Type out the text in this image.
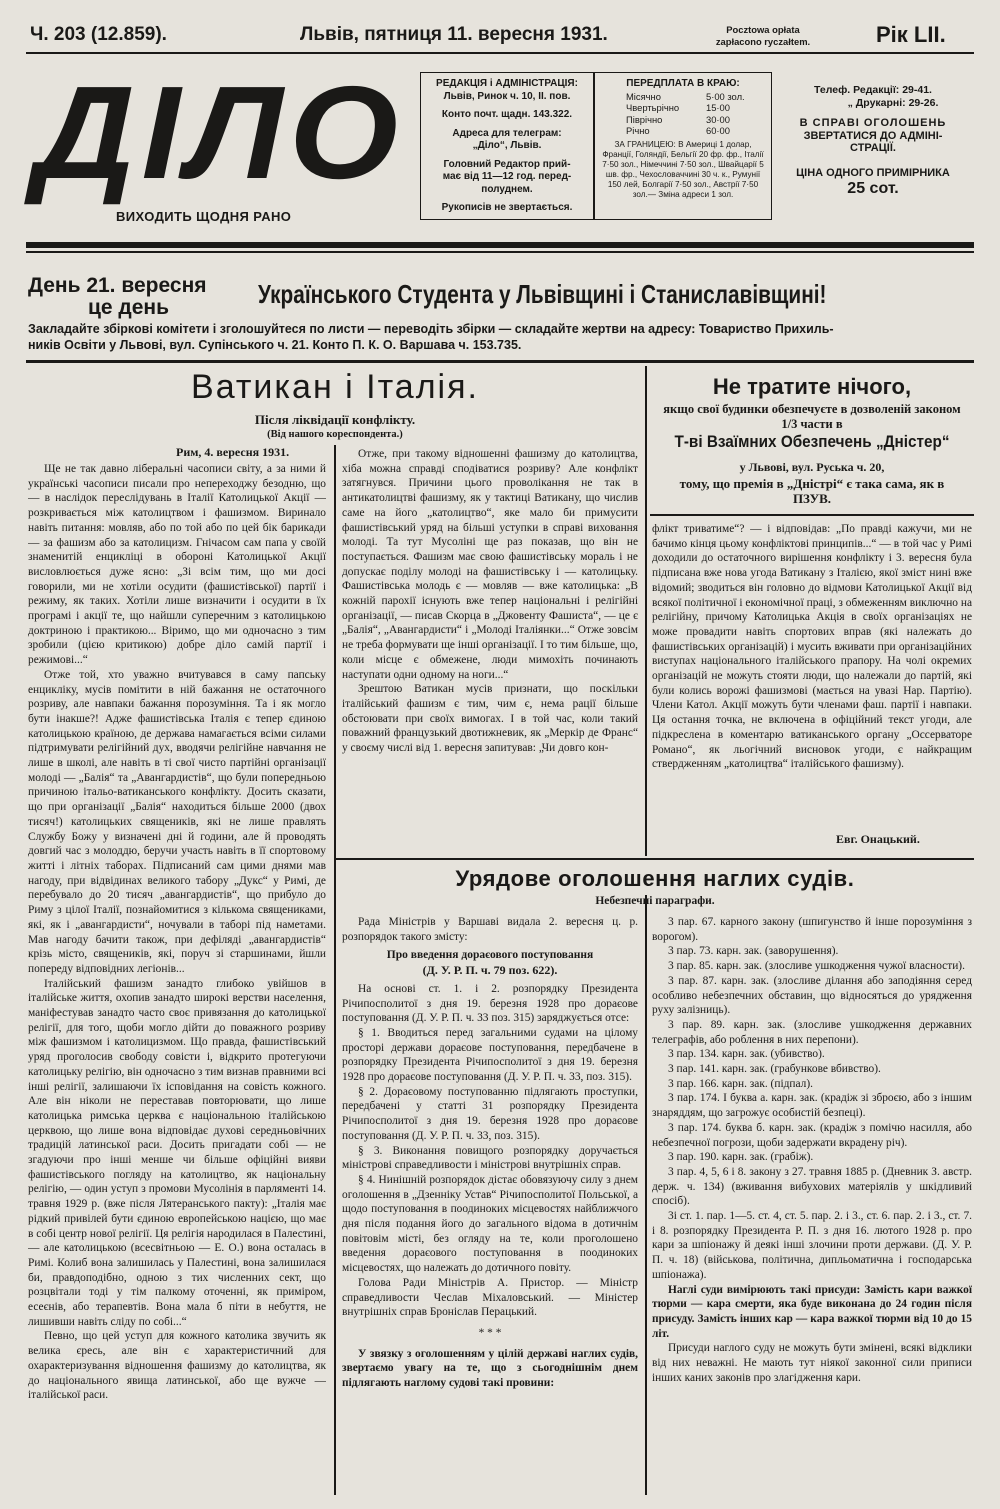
Ч. 203 (12.859).	Львів, пятниця 11. вересня 1931.	Pocztowa opłata
zapłacono ryczałtem.	Рік LII.
ДІЛО
ВИХОДИТЬ ЩОДНЯ РАНО
РЕДАКЦІЯ і АДМІНІСТРАЦІЯ:
Львів, Ринок ч. 10, II. пов.
Конто почт. щадн. 143.322.
Адреса для телеграм:
„Діло“, Львів.
Головний Редактор прий-
має від 11—12 год. перед-
полуднем.
Рукописів не звертається.
ПЕРЕДПЛАТА В КРАЮ:
Місячно	5·00 зол.
Чвертьрічно	15·00
Піврічно	30·00
Річно	60·00
ЗА ГРАНИЦЕЮ: В Америці 1 долар, Франції, Голяндії, Бельгії 20 фр. фр., Італії 7·50 зол., Німеччині 7·50 зол., Швайцарії 5 шв. фр., Чехословаччині 30 ч. к., Румунії 150 лей, Болгарії 7·50 зол., Австрії 7·50 зол.— Зміна адреси 1 зол.
Телеф. Редакції: 29-41.
„ Друкарні: 29-26.
В СПРАВІ ОГОЛОШЕНЬ
ЗВЕРТАТИСЯ ДО АДМІНІ-
СТРАЦІЇ.
ЦІНА ОДНОГО ПРИМІРНИКА
25 сот.
День 21. вересня
це день	Українського Студента у Львівщині і Станиславівщині!
Закладайте збіркові комітети і зголошуйтеся по листи — переводіть збірки — складайте жертви на адресу: Товариство Прихиль-
ників Освіти у Львові, вул. Супінського ч. 21. Конто П. К. О. Варшава ч. 153.735.
Ватикан і Італія.
Після ліквідації конфлікту.
(Від нашого кореспондента.)
Рим, 4. вересня 1931.

Ще не так давно ліберальні часописи світу, а за ними й українські часописи писали про непереходжу безодню, що — в наслідок переслідувань в Італії Католицької Акції — розкривається між католицтвом і фашизмом. Виринало навіть питання: мовляв, або по той або по цей бік барикади — за фашизм або за католицизм. Гнічасом сам папа у своїй знаменитій енцикліці в обороні Католицької Акції висловлюється дуже ясно: „Зі всім тим, що ми досі говорили, ми не хотіли осудити (фашистівської) партії і режиму, як таких. Хотіли лише визначити і осудити в їх програмі і акції те, що найшли суперечним з католицькою доктриною і практикою... Віримо, що ми одночасно з тим зробили (цією критикою) добре діло самій партії і режимові...“

Отже той, хто уважно вчитувався в саму папську енцикліку, мусів помітити в ній бажання не остаточного розриву, але навпаки бажання порозуміння. Та і як могло бути інакше?! Адже фашистівська Італія є тепер єдиною католицькою країною, де держава намагається всіми силами підтримувати релігійний дух, вводячи релігійне навчання не лише в школі, але навіть в ті свої чисто партійні організації молоді — „Балія“ та „Авангардистів“, що були попередньою причиною італьо-ватиканського конфлікту. Досить сказати, що при організації „Балія“ находиться більше 2000 (двох тисяч!) католицьких священиків, які не лише правлять Службу Божу у визначені дні й години, але й проводять довгий час з молоддю, беручи участь навіть в її спортовому житті і літніх таборах. Підписаний сам цими днями мав нагоду, при відвідинах великого табору „Дукс“ у Римі, де перебувало до 20 тисяч „авангардистів“, що прибуло до Риму з цілої Італії, познайомитися з кількома священиками, які, як і „авангардисти“, ночували в таборі під наметами. Мав нагоду бачити також, при дефіляді „авангардистів“ крізь місто, священиків, які, поруч зі старшинами, йшли попереду відповідних легіонів...

Італійський фашизм занадто глибоко увійшов в італійське життя, охопив занадто широкі верстви населення, маніфестував занадто часто своє привязання до католицької релігії, для того, щоби могло дійти до поважного розриву між фашизмом і католицизмом. Що правда, фашистівський уряд проголосив свободу совісти і, відкрито протегуючи католицьку релігію, він одночасно з тим визнав правними всі інші релігії, залишаючи їх ісповідання на совість кожного. Але він ніколи не переставав повторювати, що лише католицька римська церква є національною італійською церквою, що лише вона відповідає духові середньовічних традицій латинської раси. Досить пригадати собі — не згадуючи про інші менше чи більше офіційні вияви фашистівського погляду на католицтво, як національну релігію, — один уступ з промови Мусолінія в парляменті 14. травня 1929 р. (вже після Лятеранського пакту): „Італія має рідкий привілей бути єдиною европейською нацією, що має в собі центр нової релігії. Ця релігія народилася в Палестині, — але католицькою (всесвітньою — Е. О.) вона осталась в Римі. Колиб вона залишилась у Палестині, вона залишилася би, правдоподібно, одною з тих численних сект, що розцвітали тоді у тім палкому оточенні, як приміром, есеєнів, або терапевтів. Вона мала б піти в небуття, не лишивши навіть сліду по собі...“

Певно, що цей уступ для кожного католика звучить як велика єресь, але він є характеристичний для охарактеризування відношення фашизму до католицтва, як до національного явища латинської, або ще вужче — італійської раси.

Отже, при такому відношенні фашизму до католицтва, хіба можна справді сподіватися розриву? Але конфлікт затягнувся. Причини цього проволікання не так в антикатолицтві фашизму, як у тактиці Ватикану, що числив саме на його „католицтво“, яке мало би примусити фашистівський уряд на більші уступки в справі виховання молоді. Та тут Мусоліні ще раз показав, що він не поступається. Фашизм має свою фашистівську мораль і не допускає поділу молоді на фашистівську і — католицьку. Фашистівська молодь є — мовляв — вже католицька: „В кожній парохії існують вже тепер національні і релігійні організації, — писав Скорца в „Джовенту Фашиста“, — це є „Балія“, „Авангардисти“ і „Молоді Італіянки...“ Отже зовсім не треба формувати ще інші організації. І то тим більше, що, коли місце є обмежене, люди мимохіть починають наступати одни одному на ноги...“

Зрештою Ватикан мусів признати, що поскільки італійський фашизм є тим, чим є, нема рації більше обстоювати при своїх вимогах. І в той час, коли такий поважний французький двотижневик, як „Меркір де Франс“ у своєму числі від 1. вересня запитував: „Чи довго кон-

Не тратите нічого,
якщо свої будинки обезпечуєте в дозволеній законом 1/3 части в
Т-ві Взаїмних Обезпечень „Дністер“
у Львові, вул. Руська ч. 20,
тому, що премія в „Дністрі“ є така сама, як в ПЗУВ.

флікт триватиме“? — і відповідав: „По правді кажучи, ми не бачимо кінця цьому конфліктові принципів...“ — в той час у Римі доходили до остаточного вирішення конфлікту і 3. вересня була підписана вже нова угода Ватикану з Італією, якої зміст нині вже відомий; зводиться він головно до відмови Католицької Акції від всякої політичної і економічної праці, з обмеженням виключно на релігійну, причому Католицька Акція в своїх організаціях не може провадити навіть спортових вправ (які належать до фашистівських організацій) і мусить вживати при організаційних виступах національного італійського прапору. На чолі окремих організацій не можуть стояти люди, що належали до партій, які були колись ворожі фашизмові (мається на увазі Нар. Партію). Члени Катол. Акції можуть бути членами фаш. партії і навпаки. Ця остання точка, не включена в офіційний текст угоди, але підкреслена в коментарю ватиканського органу „Оссерваторе Романо“, як льогічний висновок угоди, є найкращим ствердженням „католицтва“ італійського фашизму).

Евг. Онацький.
Урядове оголошення наглих судів.
Небезпечні параграфи.

Рада Міністрів у Варшаві видала 2. вересня ц. р. розпорядок такого змісту:

Про введення дораєового поступовання
(Д. У. Р. П. ч. 79 поз. 622).

На основі ст. 1. і 2. розпорядку Президента Річипосполитої з дня 19. березня 1928 про дораєове поступовання (Д. У. Р. П. ч. 33 поз. 315) заряджується отсе:

§ 1. Вводиться перед загальними судами на цілому просторі держави дораєове поступовання, передбачене в розпорядку Президента Річипосполитої з дня 19. березня 1928 про дораєове поступовання (Д. У. Р. П. ч. 33, поз. 315).

§ 2. Дораєовому поступованню підлягають проступки, передбачені у статті 31 розпорядку Президента Річипосполитої з дня 19. березня 1928 про дораєове поступовання (Д. У. Р. П. ч. 33, поз. 315).

§ 3. Виконання повищого розпорядку доручається міністрові справедливости і міністрові внутрішніх справ.

§ 4. Нинішній розпорядок дістає обовязуючу силу з днем оголошення в „Дзенніку Устав“ Річипосполитої Польської, а щодо поступовання в поодиноких місцевостях найближчого дня після подання його до загального відома в дотичнім повітовім місті, без огляду на те, коли проголошено введення дораєового поступовання в поодиноких місцевостях, що належать до дотичного повіту.

Голова Ради Міністрів А. Пристор. — Міністр справедливости Чеслав Міхаловський. — Міністер внутрішніх справ Броніслав Перацький.

* * *

У звязку з оголошенням у цілій державі наглих судів, звертаємо увагу на те, що з сьогоднішнім днем підлягають наглому судові такі провини:

3 пар. 67. карного закону (шпигунство й інше порозуміння з ворогом).

3 пар. 73. карн. зак. (заворушення).

3 пар. 85. карн. зак. (злосливе ушкодження чужої власности).

3 пар. 87. карн. зак. (злосливе ділання або заподіяння серед особливо небезпечних обставин, що відносяться до урядження руху залізниць).

3 пар. 89. карн. зак. (злосливе ушкодження державних телеграфів, або роблення в них перепони).

3 пар. 134. карн. зак. (убивство).

3 пар. 141. карн. зак. (грабункове вбивство).

3 пар. 166. карн. зак. (підпал).

3 пар. 174. І буква а. карн. зак. (крадіж зі зброєю, або з іншим знаряддям, що загрожує особистій безпеці).

3 пар. 174. буква б. карн. зак. (крадіж з помічю насилля, або небезпечної погрози, щоби задержати вкрадену річ).

3 пар. 190. карн. зак. (грабіж).

3 пар. 4, 5, 6 і 8. закону з 27. травня 1885 р. (Дневник З. австр. держ. ч. 134) (вживання вибухових матеріялів у шкідливий спосіб).

3і ст. 1. пар. 1—5. ст. 4, ст. 5. пар. 2. і 3., ст. 6. пар. 2. і 3., ст. 7. і 8. розпорядку Президента Р. П. з дня 16. лютого 1928 р. про кари за шпіонажу й деякі інші злочини проти держави. (Д. У. Р. П. ч. 18) (військова, політична, дипльоматична і господарська шпіонажа).

Наглі суди вимірюють такі присуди: Замість кари важкої тюрми — кара смерти, яка буде виконана до 24 годин після присуду. Замість інших кар — кара важкої тюрми від 10 до 15 літ.

Присуди наглого суду не можуть бути змінені, всякі відклики від них неважні. Не мають тут ніякої законної сили приписи інших каних законів про злагідження кари.
